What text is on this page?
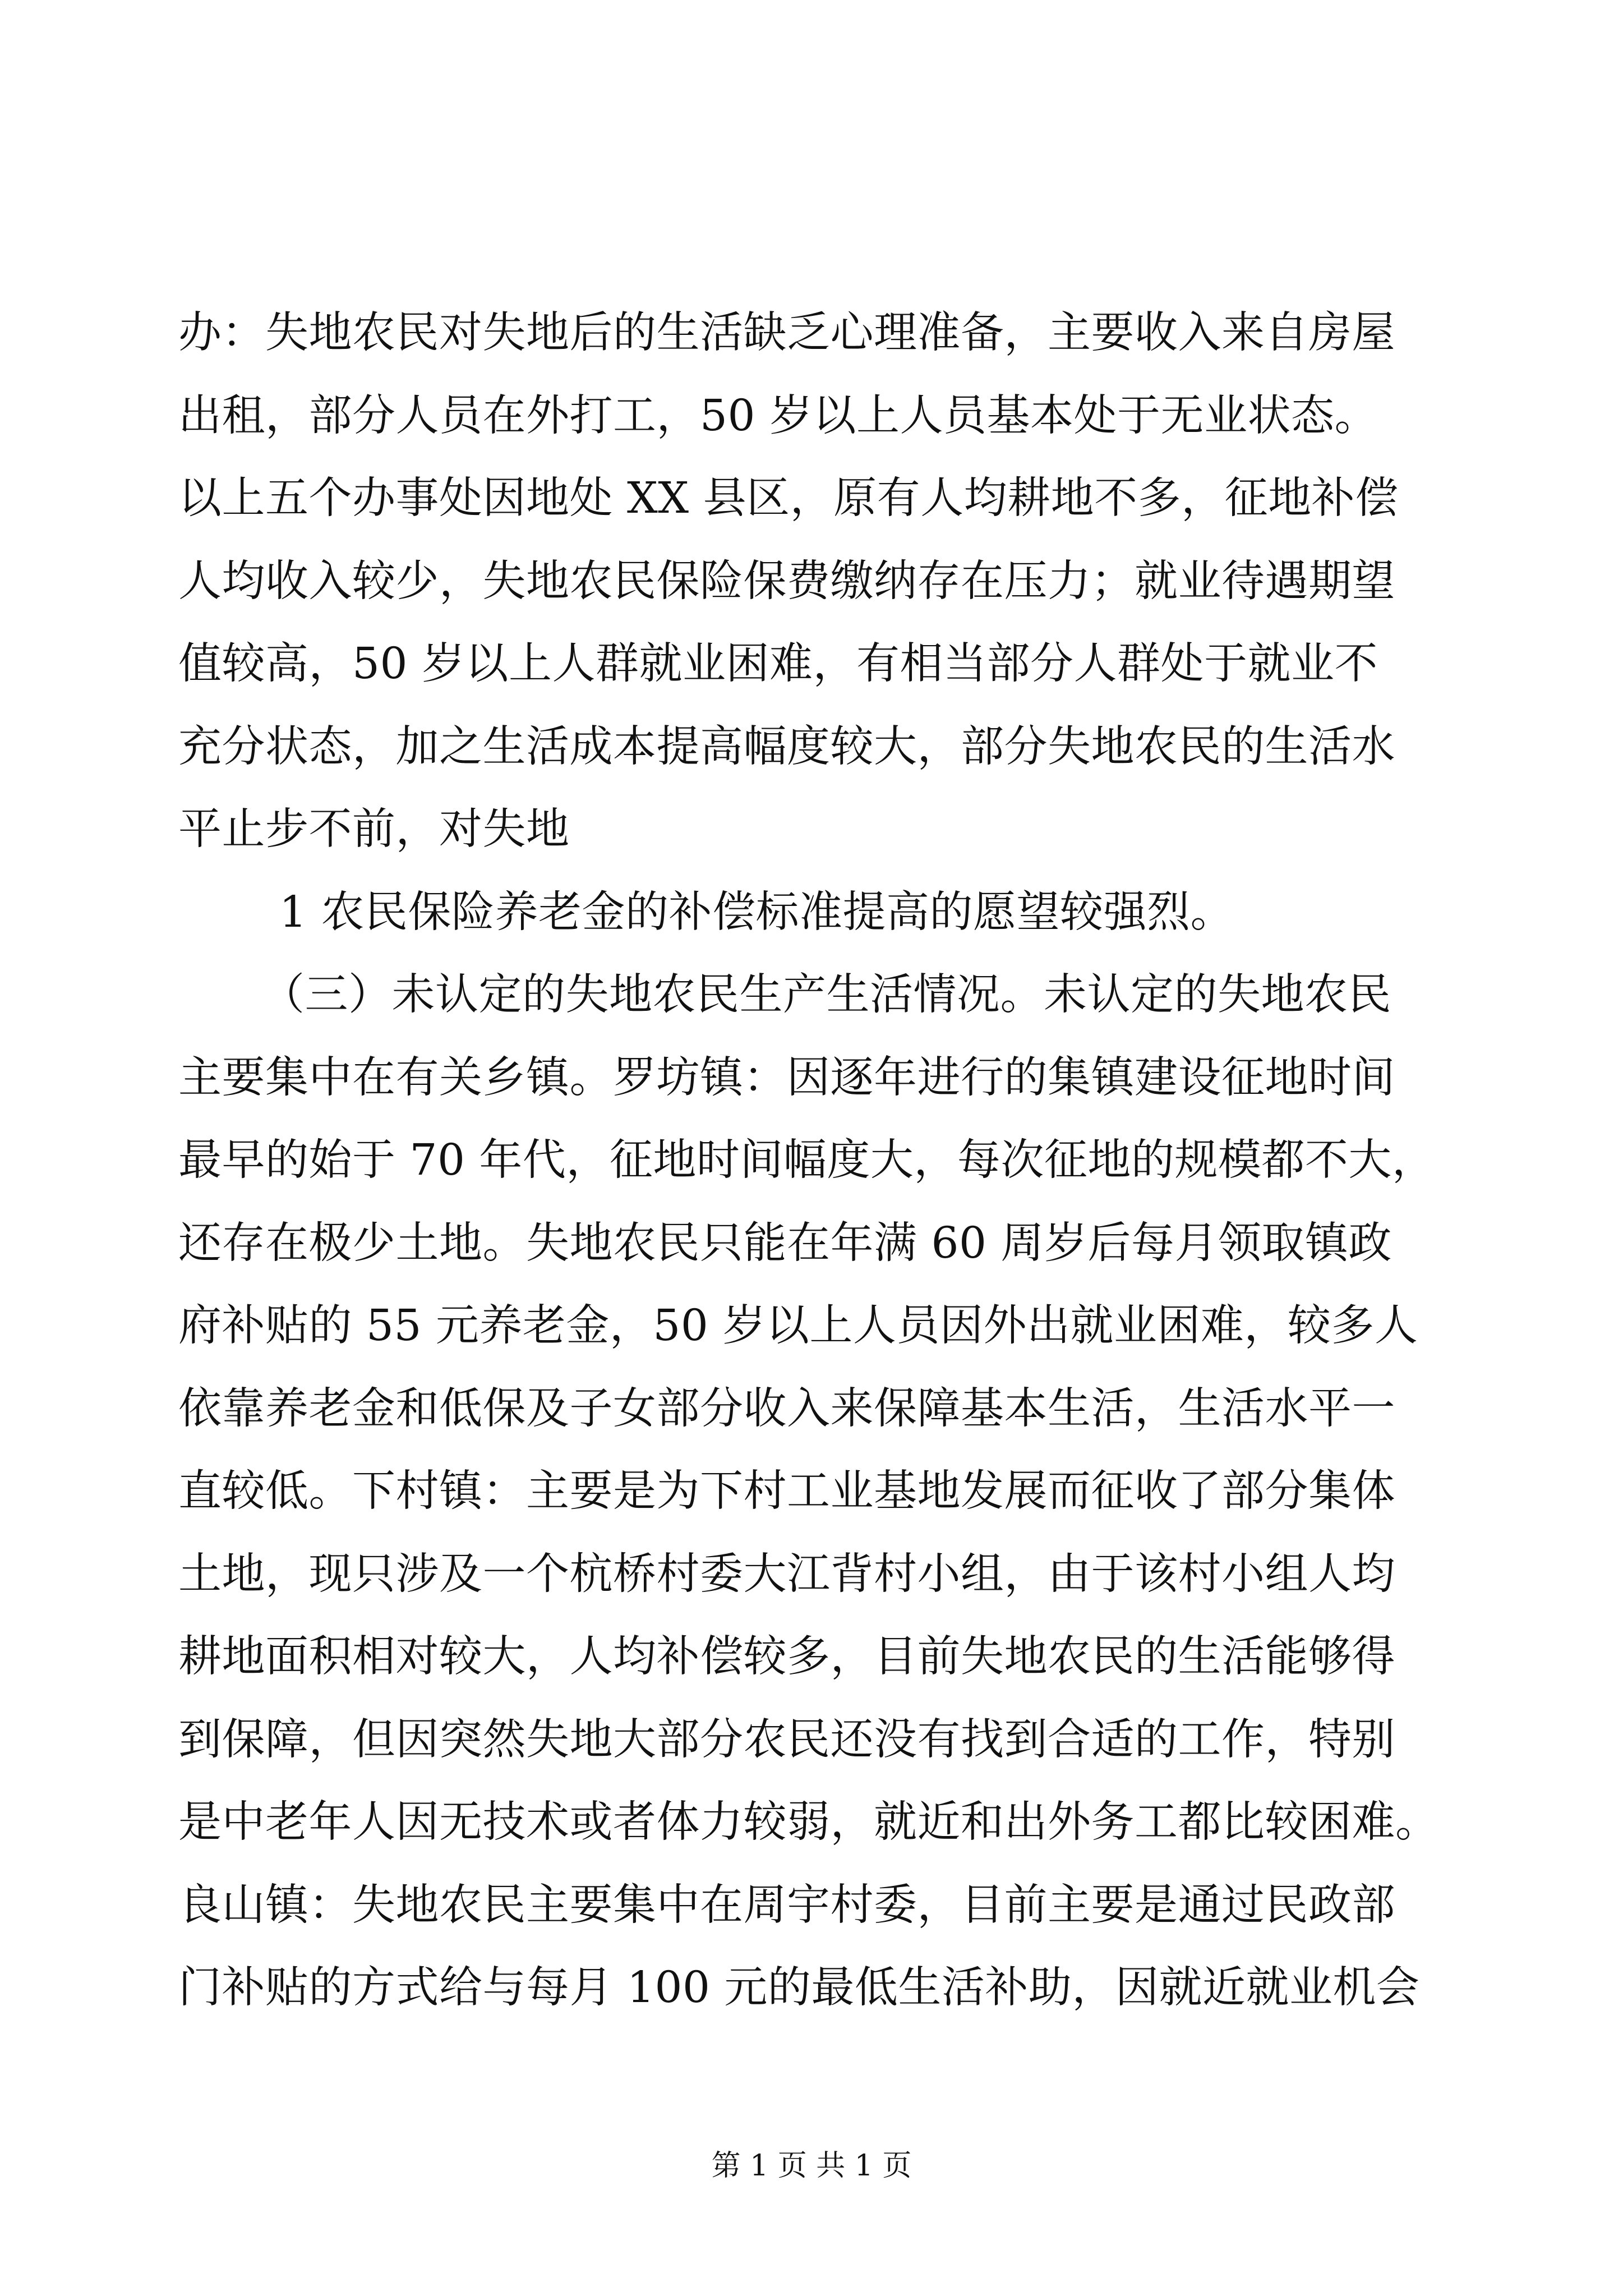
办：失地农民对失地后的生活缺乏心理准备，主要收入来自房屋
出租，部分人员在外打工，50 岁以上人员基本处于无业状态。
以上五个办事处因地处 XX 县区，原有人均耕地不多，征地补偿
人均收入较少，失地农民保险保费缴纳存在压力；就业待遇期望
值较高，50 岁以上人群就业困难，有相当部分人群处于就业不
充分状态，加之生活成本提高幅度较大，部分失地农民的生活水
平止步不前，对失地
1 农民保险养老金的补偿标准提高的愿望较强烈。
（三）未认定的失地农民生产生活情况。未认定的失地农民
主要集中在有关乡镇。罗坊镇：因逐年进行的集镇建设征地时间
最早的始于 70 年代，征地时间幅度大，每次征地的规模都不大，
还存在极少土地。失地农民只能在年满 60 周岁后每月领取镇政
府补贴的 55 元养老金，50 岁以上人员因外出就业困难，较多人
依靠养老金和低保及子女部分收入来保障基本生活，生活水平一
直较低。下村镇：主要是为下村工业基地发展而征收了部分集体
土地，现只涉及一个杭桥村委大江背村小组，由于该村小组人均
耕地面积相对较大，人均补偿较多，目前失地农民的生活能够得
到保障，但因突然失地大部分农民还没有找到合适的工作，特别
是中老年人因无技术或者体力较弱，就近和出外务工都比较困难。
良山镇：失地农民主要集中在周宇村委，目前主要是通过民政部
门补贴的方式给与每月 100 元的最低生活补助，因就近就业机会
第 1 页 共 1 页
